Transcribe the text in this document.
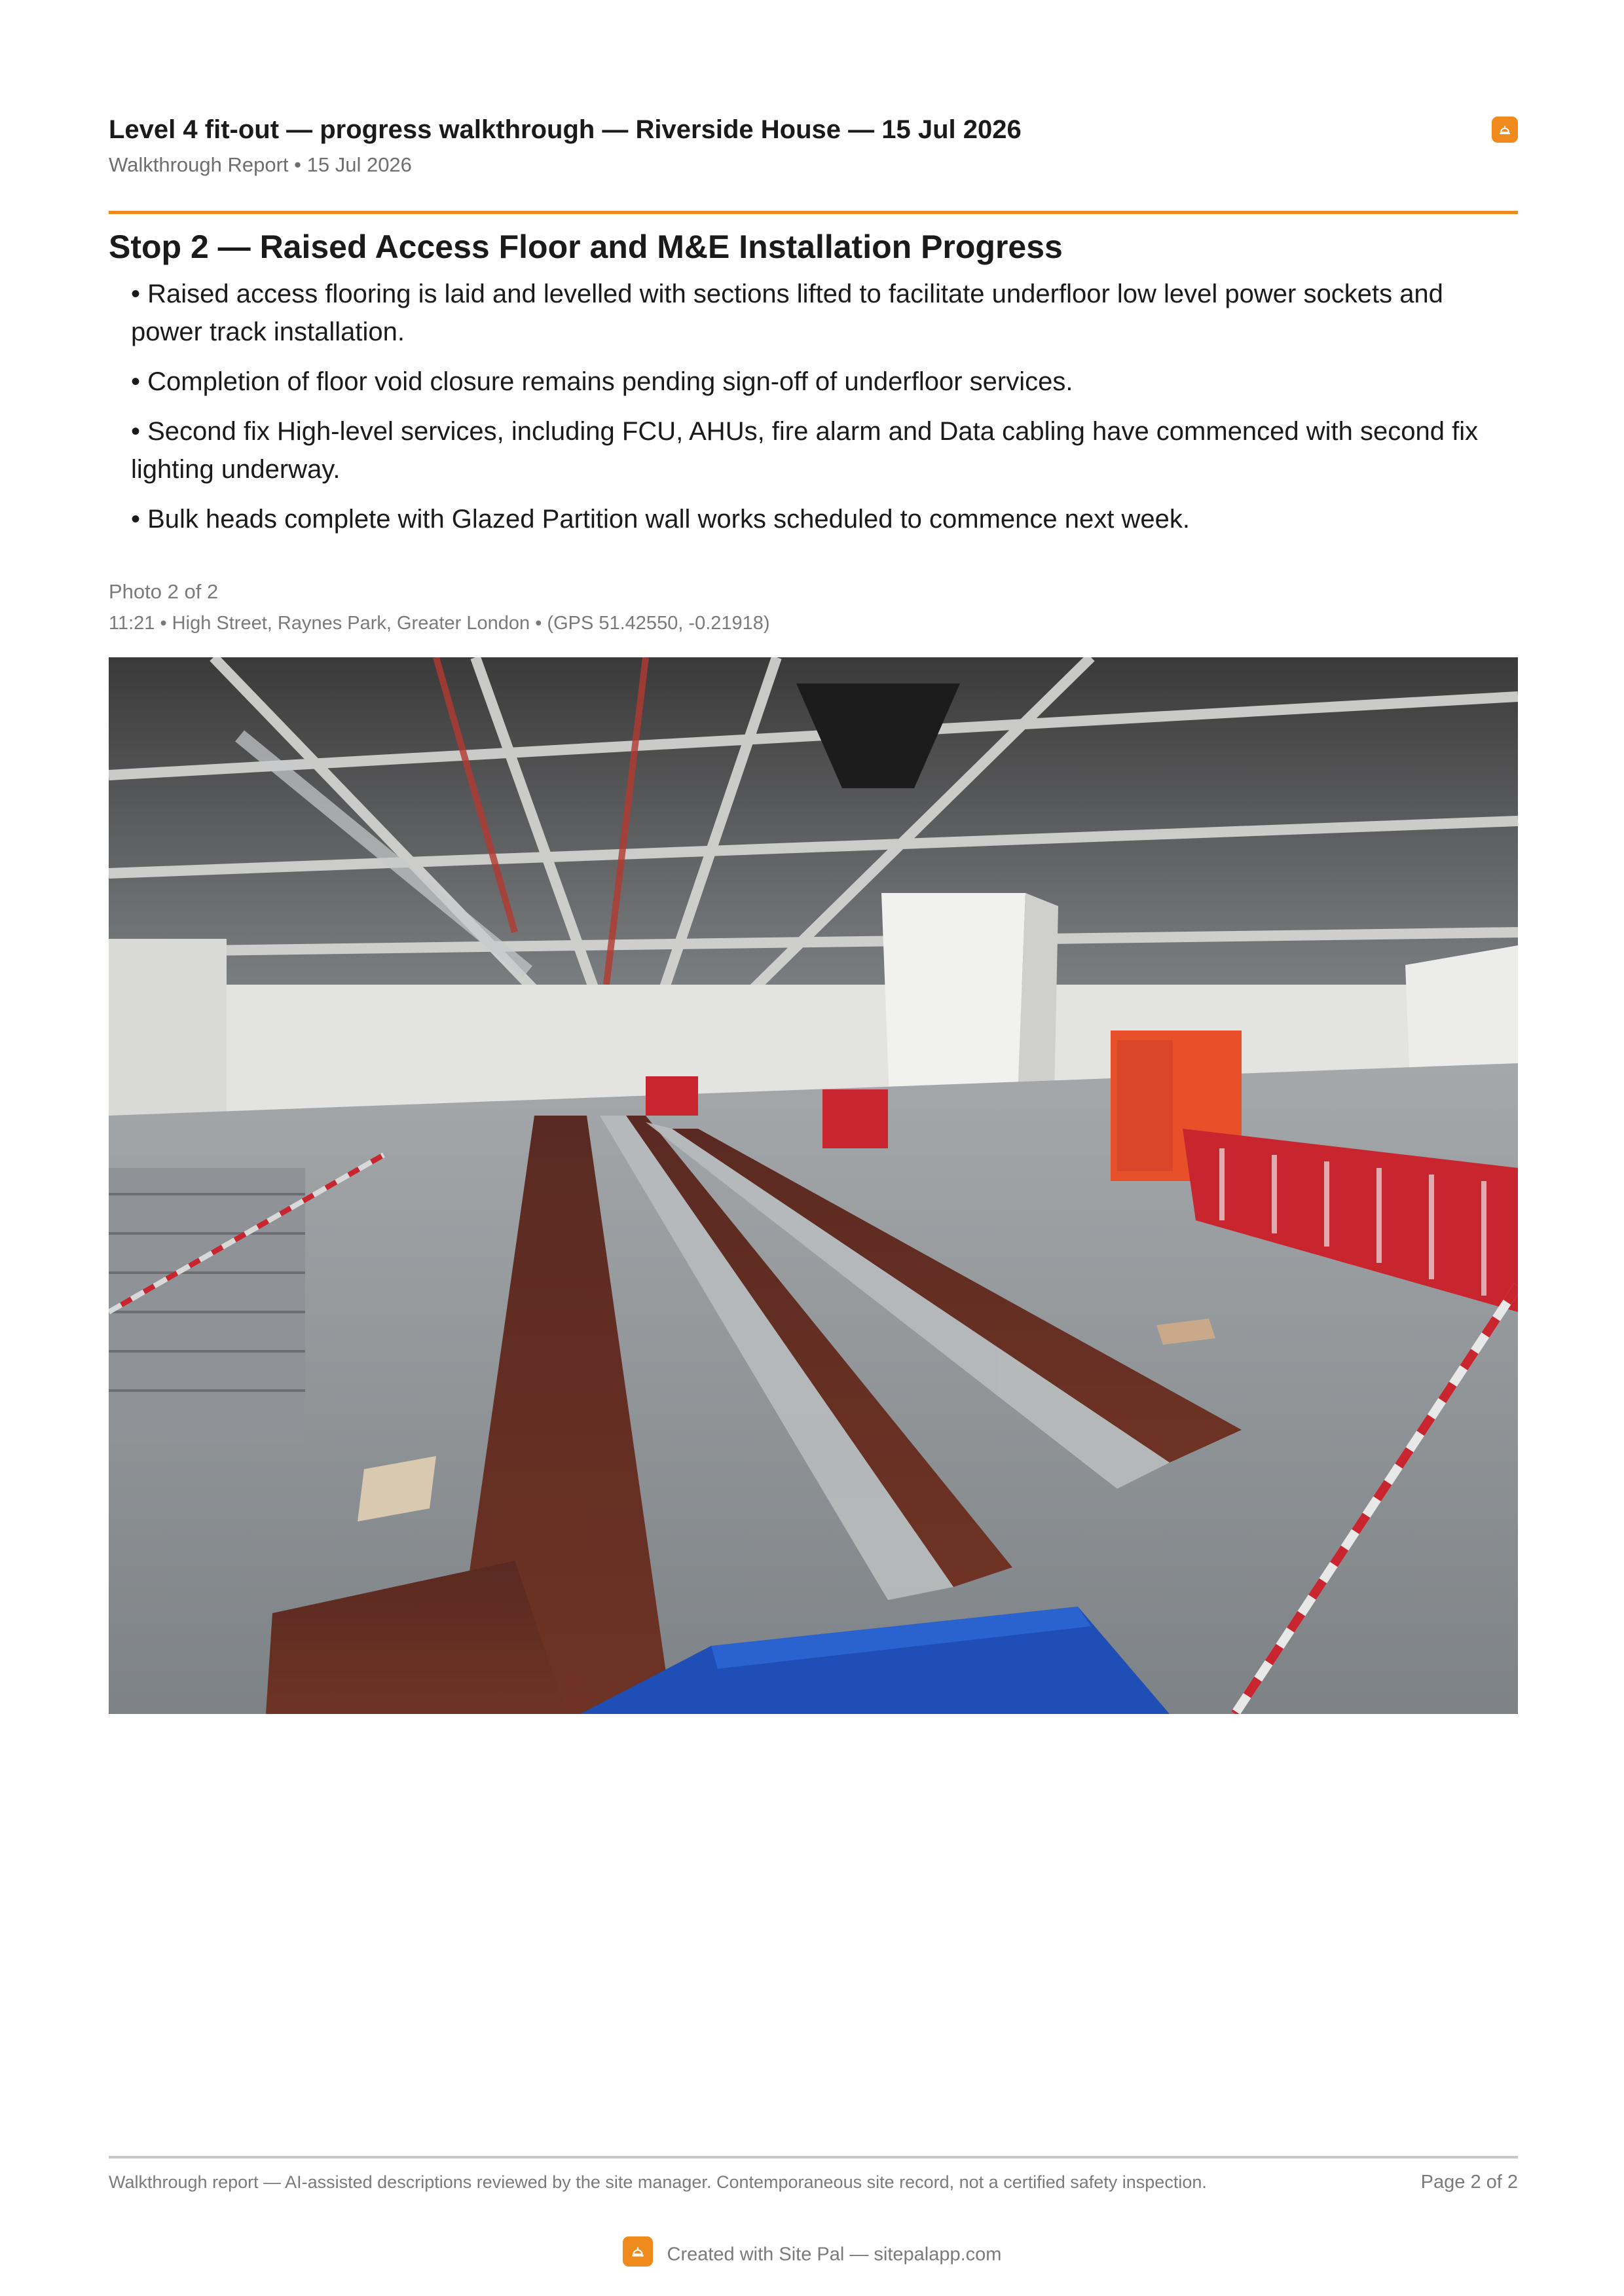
Level 4 fit-out — progress walkthrough — Riverside House — 15 Jul 2026
Walkthrough Report • 15 Jul 2026
Stop 2 — Raised Access Floor and M&E Installation Progress
• Raised access flooring is laid and levelled with sections lifted to facilitate underfloor low level power sockets and power track installation.
• Completion of floor void closure remains pending sign-off of underfloor services.
• Second fix High-level services, including FCU, AHUs, fire alarm and Data cabling have commenced with second fix lighting underway.
• Bulk heads complete with Glazed Partition wall works scheduled to commence next week.
Photo 2 of 2
11:21 • High Street, Raynes Park, Greater London • (GPS 51.42550, -0.21918)
Walkthrough report — AI-assisted descriptions reviewed by the site manager. Contemporaneous site record, not a certified safety inspection.	Page 2 of 2
Created with Site Pal — sitepalapp.com
